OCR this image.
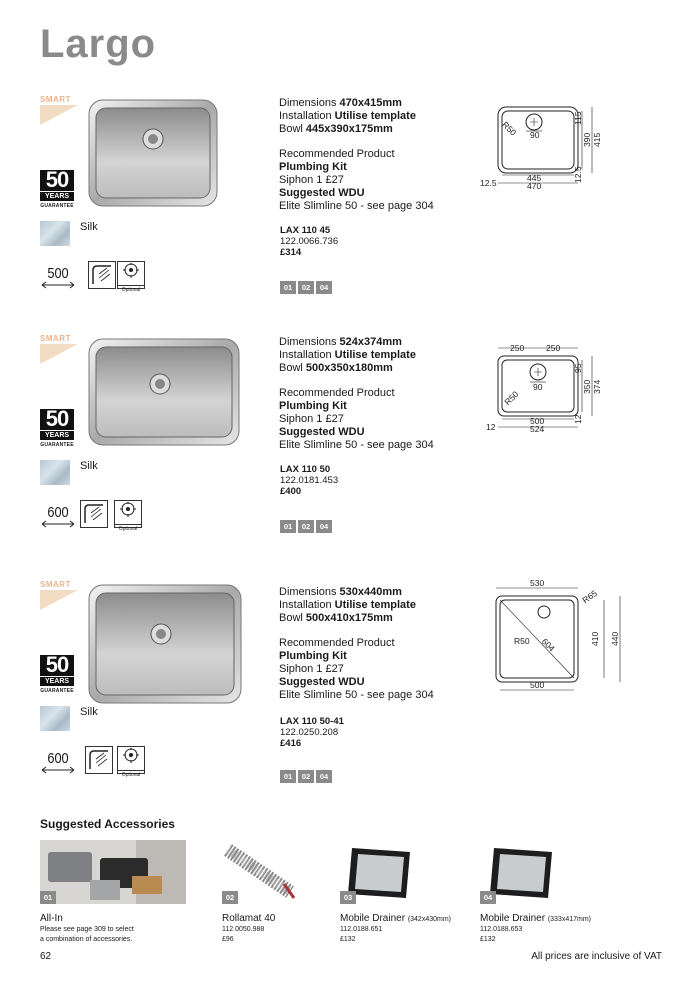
Largo
SMART
50
YEARS
GUARANTEE
Silk
500
Optional
Dimensions 470x415mm
Installation Utilise template
Bowl 445x390x175mm
Recommended Product
Plumbing Kit
Siphon 1 £27
Suggested WDU
Elite Slimline 50 - see page 304
LAX 110 45
122.0066.736
£314
01 02 04
90
R50
445
470
12.5
390 415
115
12.5
SMART
50
YEARS
GUARANTEE
Silk
600
Optional
Dimensions 524x374mm
Installation Utilise template
Bowl 500x350x180mm
Recommended Product
Plumbing Kit
Siphon 1 £27
Suggested WDU
Elite Slimline 50 - see page 304
LAX 110 50
122.0181.453
£400
01 02 04
250	250
90
R50
500
524
12
350 374
95
12
SMART
50
YEARS
GUARANTEE
Silk
600
Optional
Dimensions 530x440mm
Installation Utilise template
Bowl 500x410x175mm
Recommended Product
Plumbing Kit
Siphon 1 £27
Suggested WDU
Elite Slimline 50 - see page 304
LAX 110 50-41
122.0250.208
£416
01 02 04
530
R65
R50 604
500
410 440
Suggested Accessories
01
All-In
Please see page 309 to select
a combination of accessories.
02
Rollamat 40
112.0050.988
£96
03
Mobile Drainer (342x430mm)
112.0188.651
£132
04
Mobile Drainer (333x417mm)
112.0188.653
£132
62	All prices are inclusive of VAT
